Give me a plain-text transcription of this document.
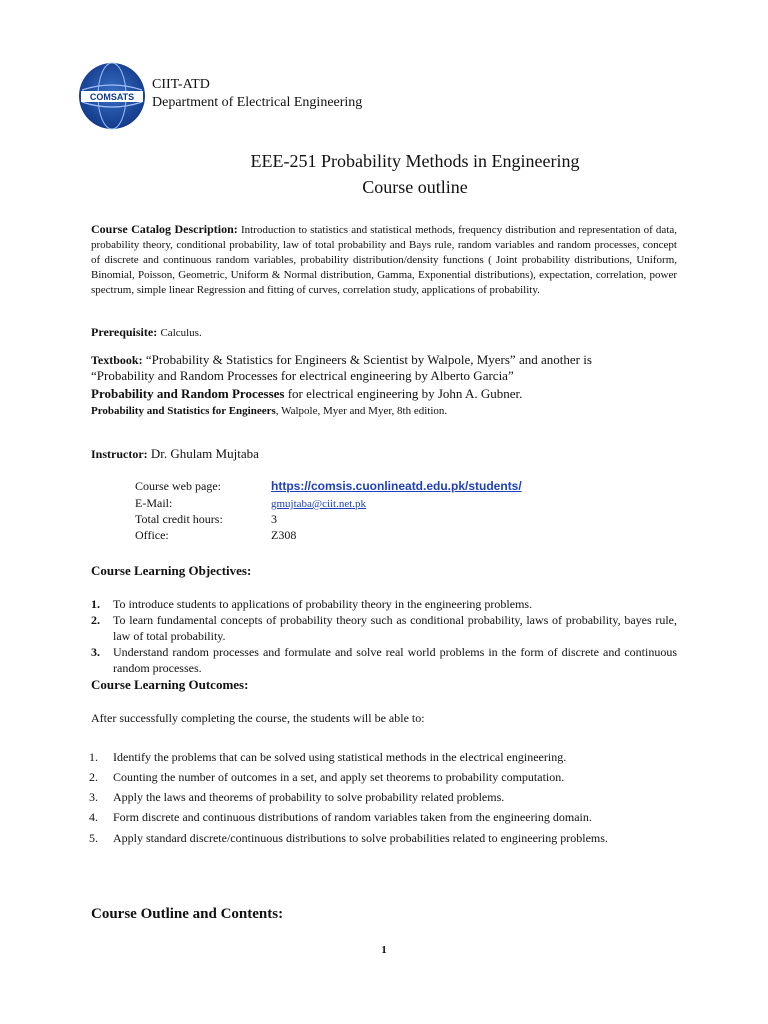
COMSATS
CIIT-ATD
Department of Electrical Engineering
EEE-251 Probability Methods in Engineering
Course outline
Course Catalog Description: Introduction to statistics and statistical methods, frequency distribution and representation of data, probability theory, conditional probability, law of total probability and Bays rule, random variables and random processes, concept of discrete and continuous random variables, probability distribution/density functions ( Joint probability distributions, Uniform, Binomial, Poisson, Geometric, Uniform & Normal distribution, Gamma, Exponential distributions), expectation, correlation, power spectrum, simple linear Regression and fitting of curves, correlation study, applications of probability.
Prerequisite: Calculus.
Textbook: “Probability & Statistics for Engineers & Scientist by Walpole, Myers” and another is “Probability and Random Processes for electrical engineering by Alberto Garcia”
Probability and Random Processes for electrical engineering by John A. Gubner.
Probability and Statistics for Engineers, Walpole, Myer and Myer, 8th edition.
Instructor: Dr. Ghulam Mujtaba
Course web page:	https://comsis.cuonlineatd.edu.pk/students/
E-Mail:	gmujtaba@ciit.net.pk
Total credit hours:	3
Office:	Z308
Course Learning Objectives:
1. To introduce students to applications of probability theory in the engineering problems.
2. To learn fundamental concepts of probability theory such as conditional probability, laws of probability, bayes rule, law of total probability.
3. Understand random processes and formulate and solve real world problems in the form of discrete and continuous random processes.
Course Learning Outcomes:
After successfully completing the course, the students will be able to:
1. Identify the problems that can be solved using statistical methods in the electrical engineering.
2. Counting the number of outcomes in a set, and apply set theorems to probability computation.
3. Apply the laws and theorems of probability to solve probability related problems.
4. Form discrete and continuous distributions of random variables taken from the engineering domain.
5. Apply standard discrete/continuous distributions to solve probabilities related to engineering problems.
Course Outline and Contents:
1
